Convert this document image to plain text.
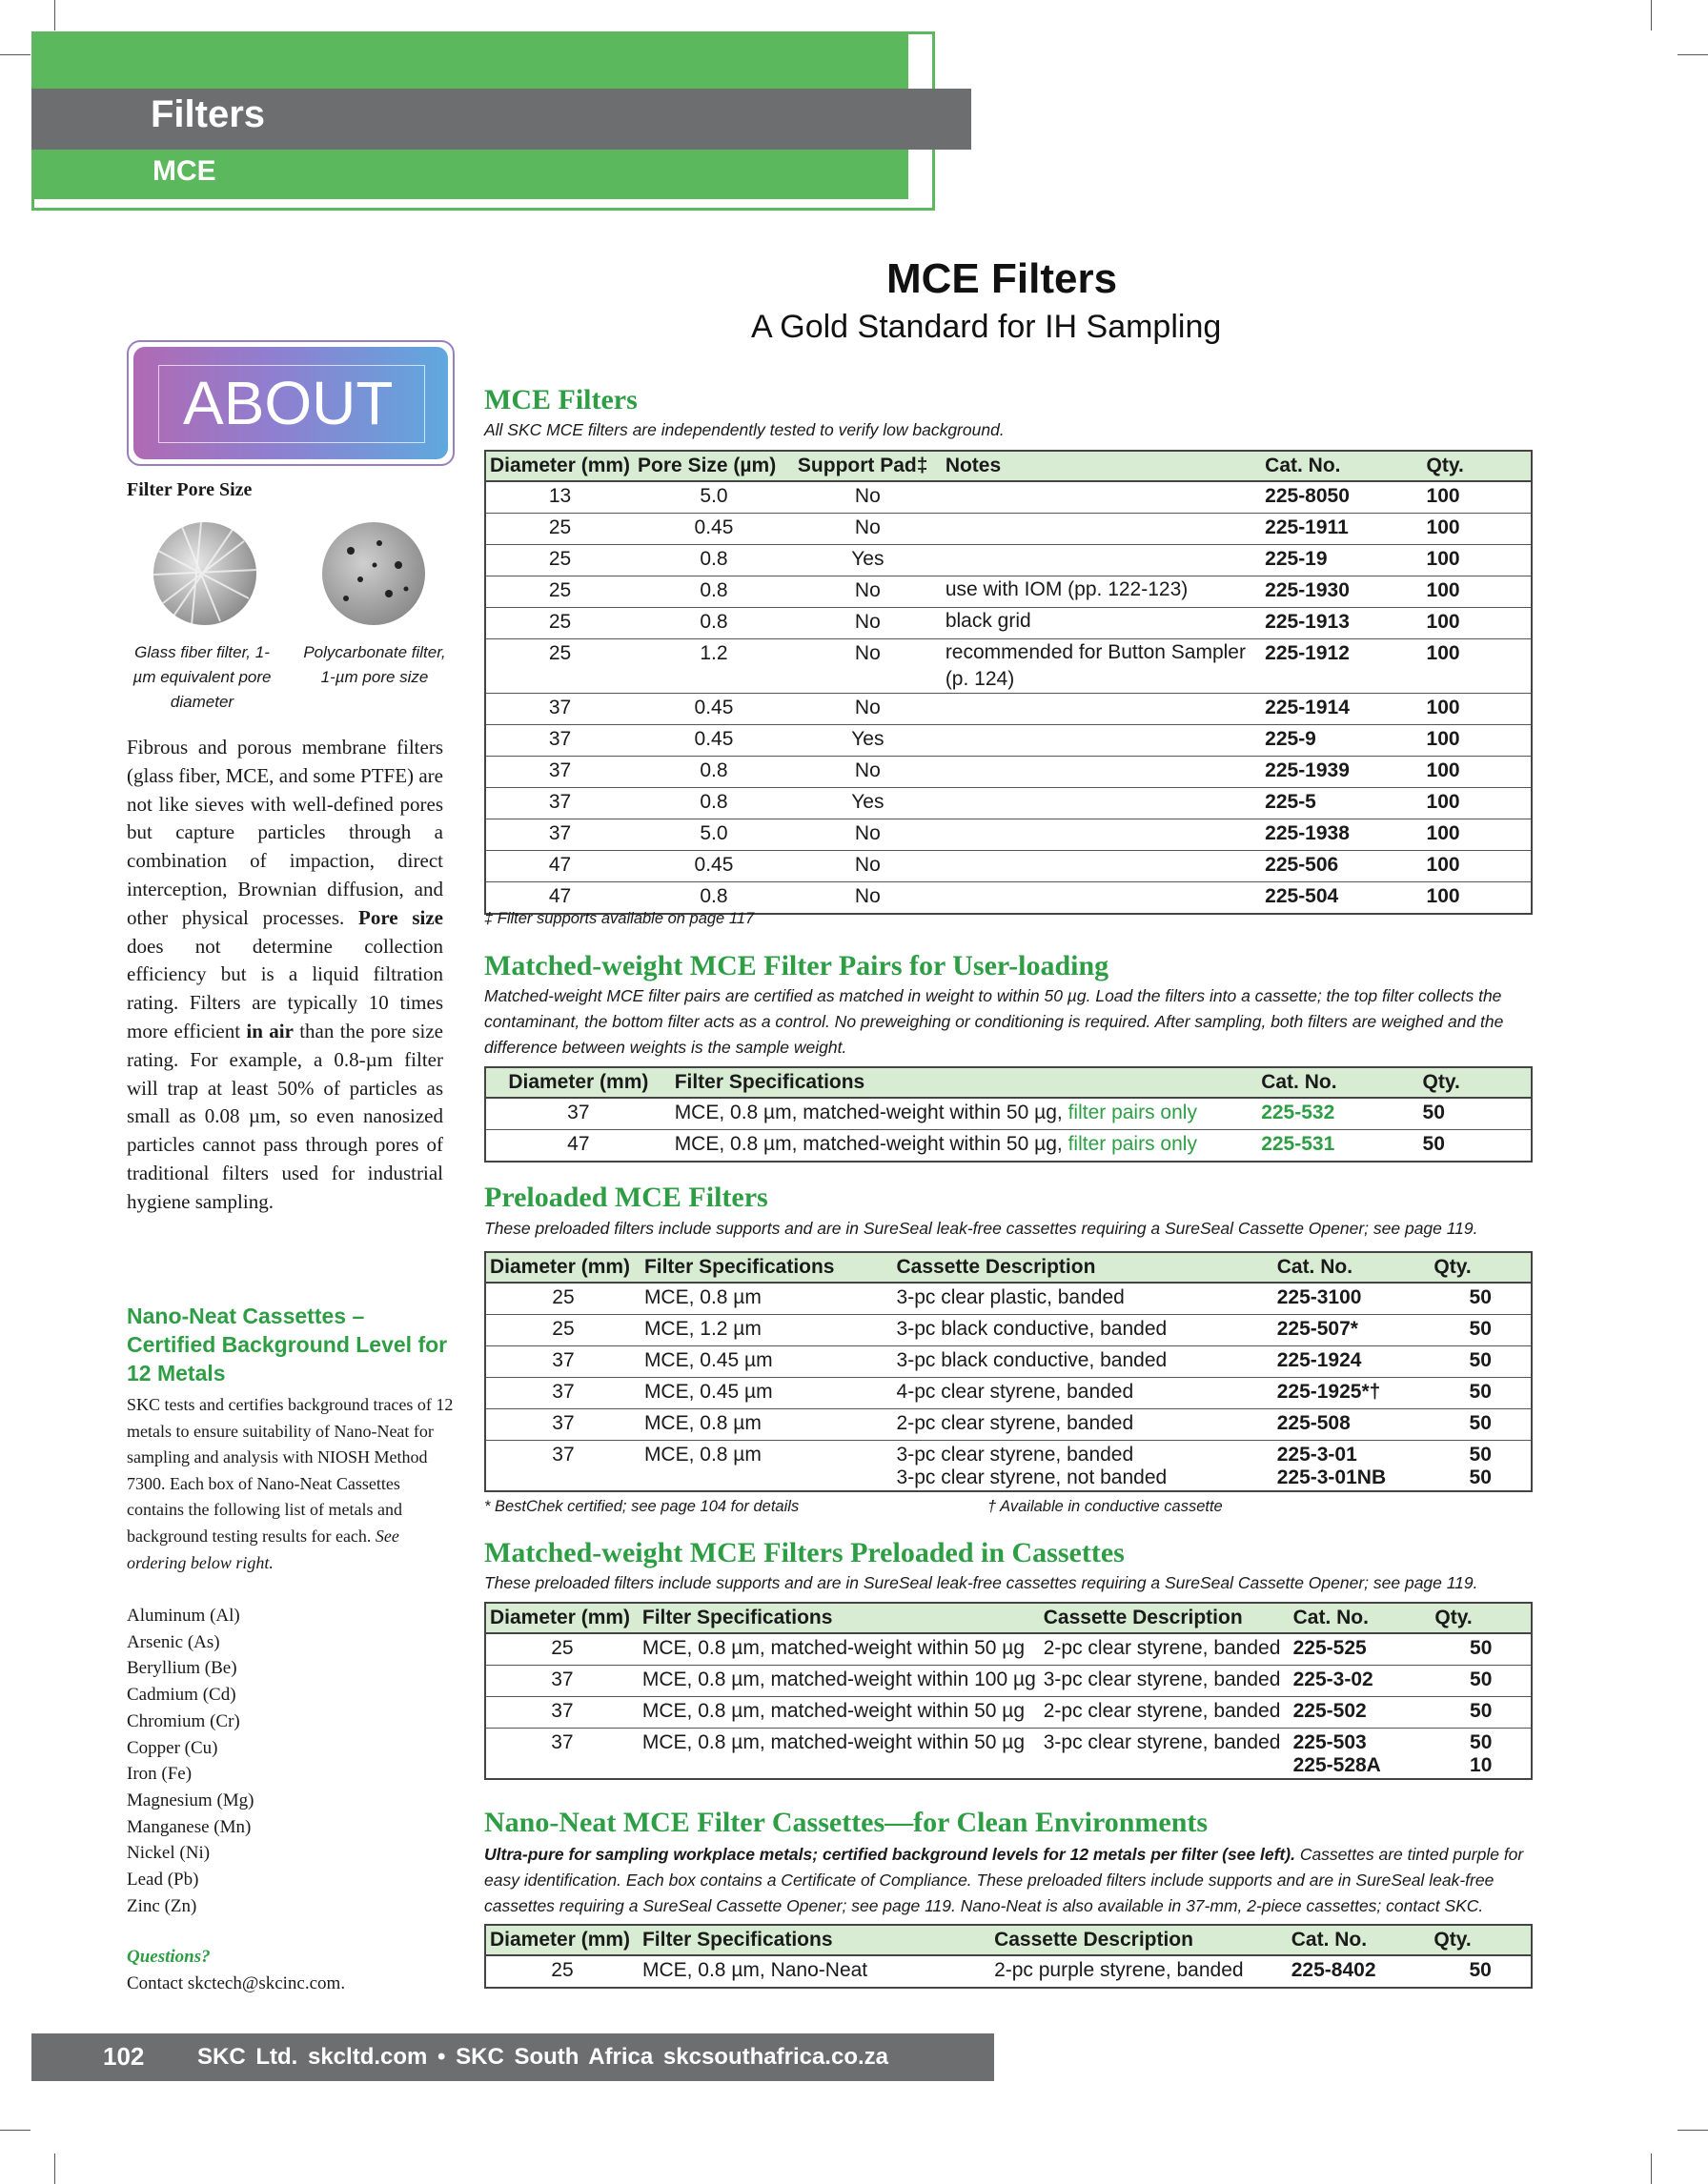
Filters
MCE
MCE Filters
A Gold Standard for IH Sampling
ABOUT
Filter Pore Size
Glass fiber filter, 1-µm equivalent pore diameter
Polycarbonate filter, 1-µm pore size
Fibrous and porous membrane filters (glass fiber, MCE, and some PTFE) are not like sieves with well-defined pores but capture particles through a combination of impaction, direct interception, Brownian diffusion, and other physical processes. Pore size does not determine collection efficiency but is a liquid filtration rating. Filters are typically 10 times more efficient in air than the pore size rating. For example, a 0.8-µm filter will trap at least 50% of particles as small as 0.08 µm, so even nanosized particles cannot pass through pores of traditional filters used for industrial hygiene sampling.
Nano-Neat Cassettes – Certified Background Level for 12 Metals
SKC tests and certifies background traces of 12 metals to ensure suitability of Nano-Neat for sampling and analysis with NIOSH Method 7300. Each box of Nano-Neat Cassettes contains the following list of metals and background testing results for each. See ordering below right.
Aluminum (Al)
Arsenic (As)
Beryllium (Be)
Cadmium (Cd)
Chromium (Cr)
Copper (Cu)
Iron (Fe)
Magnesium (Mg)
Manganese (Mn)
Nickel (Ni)
Lead (Pb)
Zinc (Zn)
Questions?
Contact skctech@skcinc.com.
MCE Filters
All SKC MCE filters are independently tested to verify low background.
Diameter (mm)	Pore Size (µm)	Support Pad‡	Notes	Cat. No.	Qty.
13	5.0	No		225-8050	100
25	0.45	No		225-1911	100
25	0.8	Yes		225-19	100
25	0.8	No	use with IOM (pp. 122-123)	225-1930	100
25	0.8	No	black grid	225-1913	100
25	1.2	No	recommended for Button Sampler (p. 124)	225-1912	100
37	0.45	No		225-1914	100
37	0.45	Yes		225-9	100
37	0.8	No		225-1939	100
37	0.8	Yes		225-5	100
37	5.0	No		225-1938	100
47	0.45	No		225-506	100
47	0.8	No		225-504	100
‡ Filter supports available on page 117
Matched-weight MCE Filter Pairs for User-loading
Matched-weight MCE filter pairs are certified as matched in weight to within 50 µg. Load the filters into a cassette; the top filter collects the contaminant, the bottom filter acts as a control. No preweighing or conditioning is required. After sampling, both filters are weighed and the difference between weights is the sample weight.
Diameter (mm)	Filter Specifications	Cat. No.	Qty.
37	MCE, 0.8 µm, matched-weight within 50 µg, filter pairs only	225-532	50
47	MCE, 0.8 µm, matched-weight within 50 µg, filter pairs only	225-531	50
Preloaded MCE Filters
These preloaded filters include supports and are in SureSeal leak-free cassettes requiring a SureSeal Cassette Opener; see page 119.
Diameter (mm)	Filter Specifications	Cassette Description	Cat. No.	Qty.
25	MCE, 0.8 µm	3-pc clear plastic, banded	225-3100	50
25	MCE, 1.2 µm	3-pc black conductive, banded	225-507*	50
37	MCE, 0.45 µm	3-pc black conductive, banded	225-1924	50
37	MCE, 0.45 µm	4-pc clear styrene, banded	225-1925*†	50
37	MCE, 0.8 µm	2-pc clear styrene, banded	225-508	50
37	MCE, 0.8 µm	3-pc clear styrene, banded	225-3-01	50
		3-pc clear styrene, not banded	225-3-01NB	50
* BestChek certified; see page 104 for details	† Available in conductive cassette
Matched-weight MCE Filters Preloaded in Cassettes
These preloaded filters include supports and are in SureSeal leak-free cassettes requiring a SureSeal Cassette Opener; see page 119.
Diameter (mm)	Filter Specifications	Cassette Description	Cat. No.	Qty.
25	MCE, 0.8 µm, matched-weight within 50 µg	2-pc clear styrene, banded	225-525	50
37	MCE, 0.8 µm, matched-weight within 100 µg	3-pc clear styrene, banded	225-3-02	50
37	MCE, 0.8 µm, matched-weight within 50 µg	2-pc clear styrene, banded	225-502	50
37	MCE, 0.8 µm, matched-weight within 50 µg	3-pc clear styrene, banded	225-503	50
			225-528A	10
Nano-Neat MCE Filter Cassettes—for Clean Environments
Ultra-pure for sampling workplace metals; certified background levels for 12 metals per filter (see left). Cassettes are tinted purple for easy identification. Each box contains a Certificate of Compliance. These preloaded filters include supports and are in SureSeal leak-free cassettes requiring a SureSeal Cassette Opener; see page 119. Nano-Neat is also available in 37-mm, 2-piece cassettes; contact SKC.
Diameter (mm)	Filter Specifications	Cassette Description	Cat. No.	Qty.
25	MCE, 0.8 µm, Nano-Neat	2-pc purple styrene, banded	225-8402	50
102 SKC Ltd. skcltd.com • SKC South Africa skcsouthafrica.co.za
